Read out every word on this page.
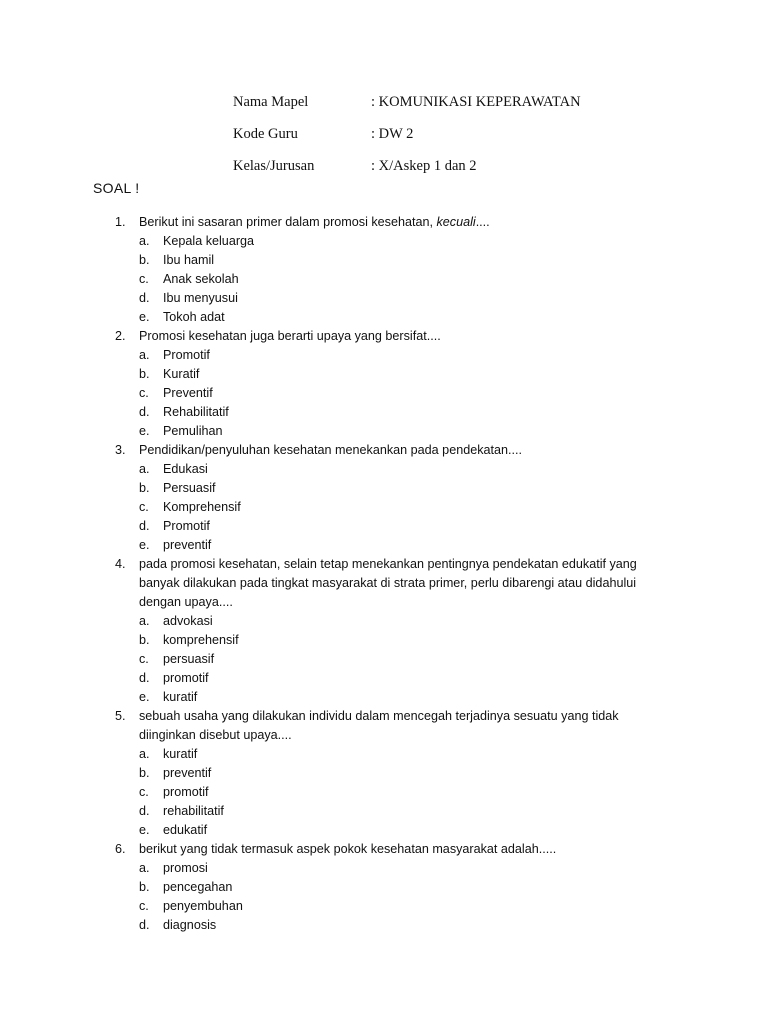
Nama Mapel	: KOMUNIKASI KEPERAWATAN
Kode Guru	: DW 2
Kelas/Jurusan	: X/Askep 1 dan 2
SOAL !
1.	Berikut ini sasaran primer dalam promosi kesehatan, kecuali....
a.	Kepala keluarga
b.	Ibu hamil
c.	Anak sekolah
d.	Ibu menyusui
e.	Tokoh adat
2.	Promosi kesehatan juga berarti upaya yang bersifat....
a.	Promotif
b.	Kuratif
c.	Preventif
d.	Rehabilitatif
e.	Pemulihan
3.	Pendidikan/penyuluhan kesehatan menekankan pada pendekatan....
a.	Edukasi
b.	Persuasif
c.	Komprehensif
d.	Promotif
e.	preventif
4.	pada promosi kesehatan, selain tetap menekankan pentingnya pendekatan edukatif yang banyak dilakukan pada tingkat masyarakat di strata primer, perlu dibarengi atau didahului dengan upaya....
a.	advokasi
b.	komprehensif
c.	persuasif
d.	promotif
e.	kuratif
5.	sebuah usaha yang dilakukan individu dalam mencegah terjadinya sesuatu yang tidak diinginkan disebut upaya....
a.	kuratif
b.	preventif
c.	promotif
d.	rehabilitatif
e.	edukatif
6.	berikut yang tidak termasuk aspek pokok kesehatan masyarakat adalah.....
a.	promosi
b.	pencegahan
c.	penyembuhan
d.	diagnosis
